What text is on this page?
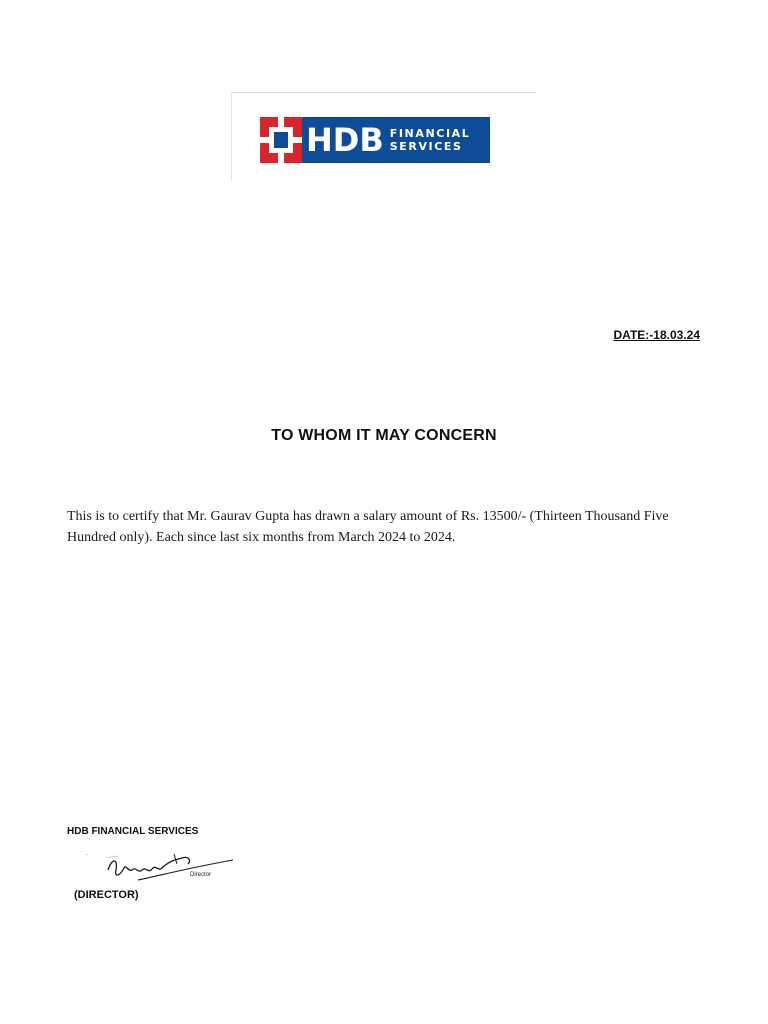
HDB FINANCIAL
SERVICES
DATE:-18.03.24
TO WHOM IT MAY CONCERN
This is to certify that Mr. Gaurav Gupta has drawn a salary amount of Rs. 13500/- (Thirteen Thousand Five Hundred only). Each since last six months from March 2024 to 2024.
HDB FINANCIAL SERVICES
Director
(DIRECTOR)
